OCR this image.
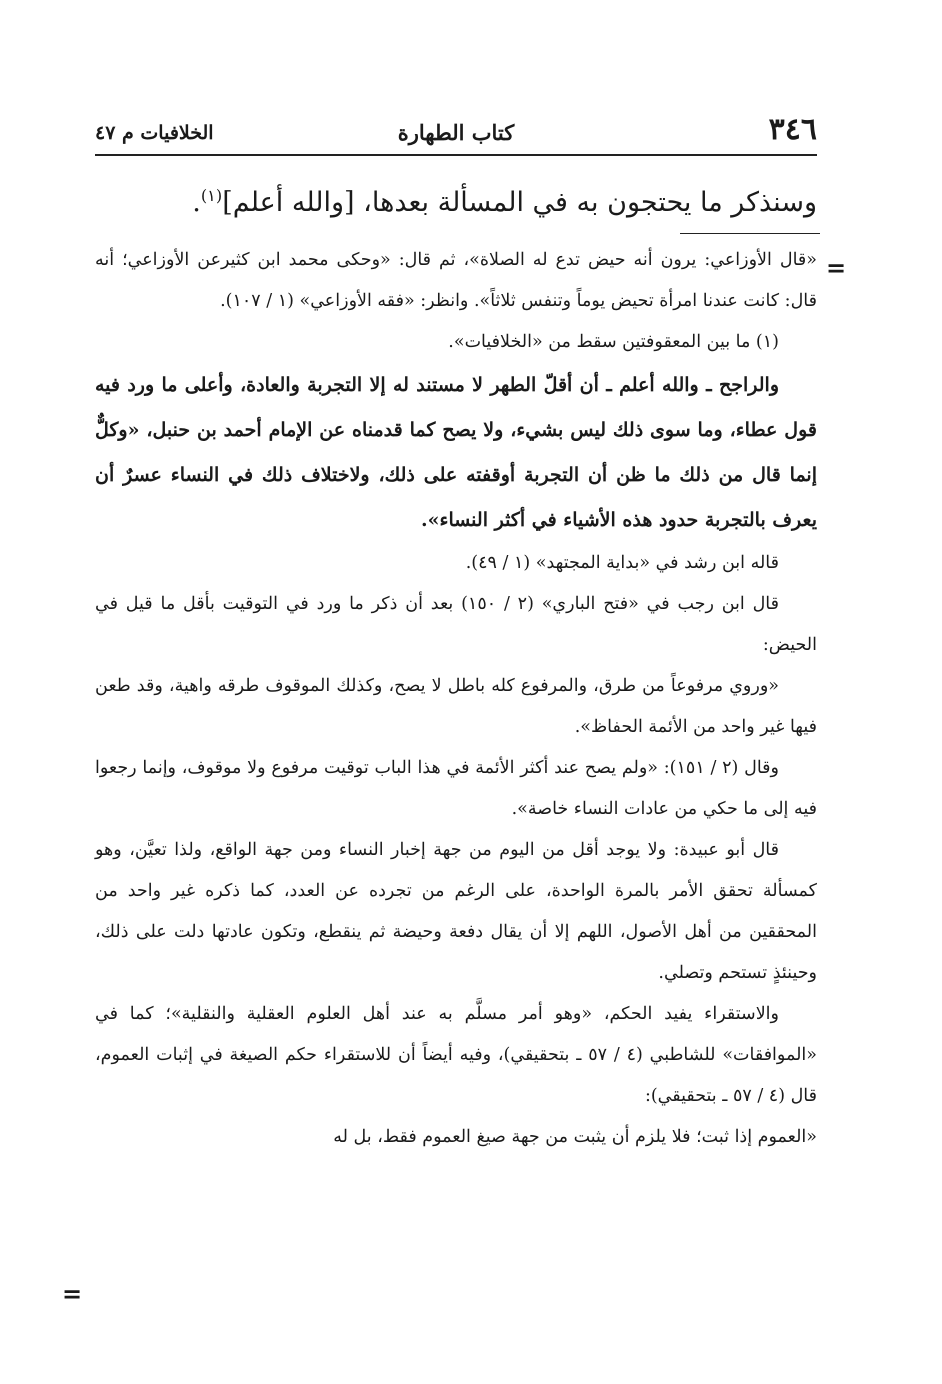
٣٤٦
كتاب الطهارة
الخلافيات م ٤٧
وسنذكر ما يحتجون به في المسألة بعدها، [والله أعلم]$^{(١)}$.
=
=

«قال الأوزاعي: يرون أنه حيض تدع له الصلاة»، ثم قال: «وحكى محمد ابن كثيرعن الأوزاعي؛ أنه قال: كانت عندنا امرأة تحيض يوماً وتنفس ثلاثاً». وانظر: «فقه الأوزاعي» (١ / ١٠٧).

(١) ما بين المعقوفتين سقط من «الخلافيات».

والراجح ـ والله أعلم ـ أن أقلّ الطهر لا مستند له إلا التجربة والعادة، وأعلى ما ورد فيه قول عطاء، وما سوى ذلك ليس بشيء، ولا يصح كما قدمناه عن الإمام أحمد بن حنبل، «وكلٌّ إنما قال من ذلك ما ظن أن التجربة أوقفته على ذلك، ولاختلاف ذلك في النساء عسرٌ أن يعرف بالتجربة حدود هذه الأشياء في أكثر النساء».

قاله ابن رشد في «بداية المجتهد» (١ / ٤٩).

قال ابن رجب في «فتح الباري» (٢ / ١٥٠) بعد أن ذكر ما ورد في التوقيت بأقل ما قيل في الحيض:

«وروي مرفوعاً من طرق، والمرفوع كله باطل لا يصح، وكذلك الموقوف طرقه واهية، وقد طعن فيها غير واحد من الأئمة الحفاظ».

وقال (٢ / ١٥١): «ولم يصح عند أكثر الأئمة في هذا الباب توقيت مرفوع ولا موقوف، وإنما رجعوا فيه إلى ما حكي من عادات النساء خاصة».

قال أبو عبيدة: ولا يوجد أقل من اليوم من جهة إخبار النساء ومن جهة الواقع، ولذا تعيَّن، وهو كمسألة تحقق الأمر بالمرة الواحدة، على الرغم من تجرده عن العدد، كما ذكره غير واحد من المحققين من أهل الأصول، اللهم إلا أن يقال دفعة وحيضة ثم ينقطع، وتكون عادتها دلت على ذلك، وحينئذٍ تستحم وتصلي.

والاستقراء يفيد الحكم، «وهو أمر مسلَّم به عند أهل العلوم العقلية والنقلية»؛ كما في «الموافقات» للشاطبي (٤ / ٥٧ ـ بتحقيقي)، وفيه أيضاً أن للاستقراء حكم الصيغة في إثبات العموم، قال (٤ / ٥٧ ـ بتحقيقي):

«العموم إذا ثبت؛ فلا يلزم أن يثبت من جهة صيغ العموم فقط، بل له
